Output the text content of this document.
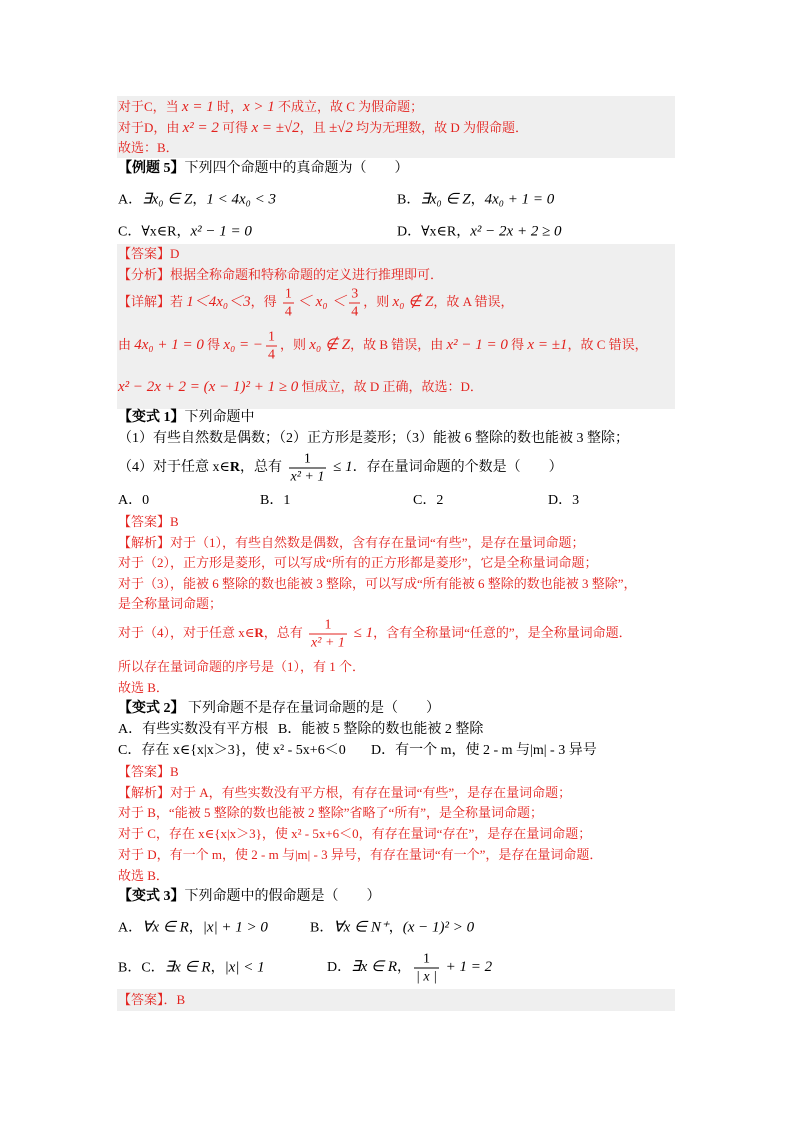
对于C，当 x = 1 时，x > 1 不成立，故 C 为假命题；
对于D，由 x² = 2 可得 x = ±√2，且 ±√2 均为无理数，故 D 为假命题．
故选：B．
【例题 5】下列四个命题中的真命题为（　　）
A．∃x₀ ∈ Z，1 < 4x₀ < 3	B．∃x₀ ∈ Z，4x₀ + 1 = 0
C．∀x∈R，x² − 1 = 0	D．∀x∈R，x² − 2x + 2 ≥ 0
【答案】D
【分析】根据全称命题和特称命题的定义进行推理即可．
【详解】若 1＜4x₀＜3，得 $\frac{1}{4} < x_0 < \frac{3}{4}$ ，则 x₀ ∉ Z，故 A 错误，
由 4x₀ + 1 = 0 得 x₀ = − $\frac{1}{4}$ ，则 x₀ ∉ Z，故 B 错误，由 x² − 1 = 0 得 x = ±1，故 C 错误，
x² − 2x + 2 = (x − 1)² + 1 ≥ 0 恒成立，故 D 正确，故选：D．
【变式 1】下列命题中
（1）有些自然数是偶数；（2）正方形是菱形；（3）能被 6 整除的数也能被 3 整除；
（4）对于任意 x∈R，总有 $\frac{1}{\text{x² + 1}} \le 1$．存在量词命题的个数是（　　）
A．0	B．1	C．2	D．3
【答案】B
【解析】对于（1），有些自然数是偶数，含有存在量词“有些”，是存在量词命题；
对于（2），正方形是菱形，可以写成“所有的正方形都是菱形”，它是全称量词命题；
对于（3），能被 6 整除的数也能被 3 整除，可以写成“所有能被 6 整除的数也能被 3 整除”，
是全称量词命题；
对于（4），对于任意 x∈R，总有 $\frac{1}{\text{x² + 1}} \le 1$，含有全称量词“任意的”，是全称量词命题．
所以存在量词命题的序号是（1），有 1 个．
故选 B．
【变式 2】 下列命题不是存在量词命题的是（　　）
A．有些实数没有平方根 B．能被 5 整除的数也能被 2 整除
C．存在 x∈{x|x＞3}，使 x² - 5x+6＜0 D．有一个 m，使 2 - m 与|m| - 3 异号
【答案】B
【解析】对于 A，有些实数没有平方根，有存在量词“有些”，是存在量词命题；
对于 B，“能被 5 整除的数也能被 2 整除”省略了“所有”，是全称量词命题；
对于 C，存在 x∈{x|x＞3}，使 x² - 5x+6＜0，有存在量词“存在”，是存在量词命题；
对于 D，有一个 m，使 2 - m 与|m| - 3 异号，有存在量词“有一个”，是存在量词命题．
故选 B．
【变式 3】下列命题中的假命题是（　　）
A．∀x ∈ R，|x| + 1 > 0	B．∀x ∈ N⁺，(x − 1)² > 0
B．C．∃x ∈ R，|x| < 1	D．∃x ∈ R， $\frac{1}{| x |} + 1 = 2$
【答案】．B
